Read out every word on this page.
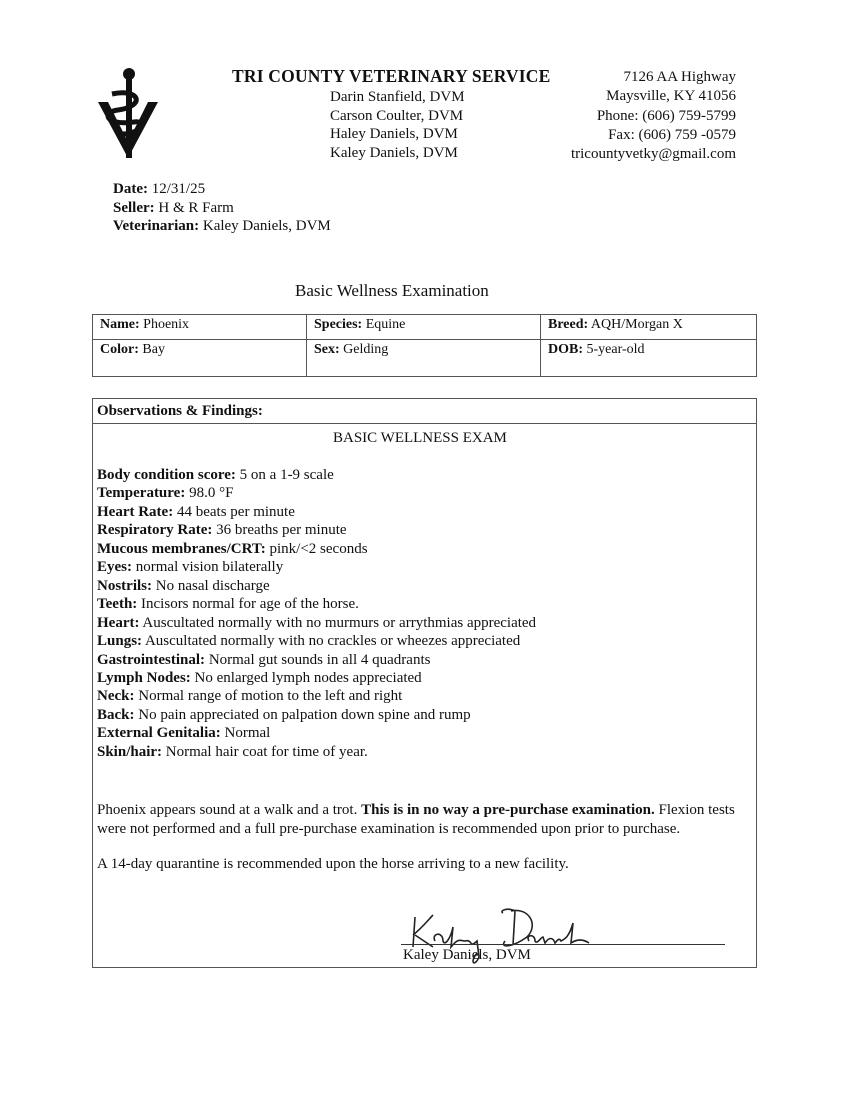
TRI COUNTY VETERINARY SERVICE
Darin Stanfield, DVM
Carson Coulter, DVM
Haley Daniels, DVM
Kaley Daniels, DVM
7126 AA Highway
Maysville, KY 41056
Phone: (606) 759-5799
Fax: (606) 759 -0579
tricountyvetky@gmail.com
Date: 12/31/25
Seller: H & R Farm
Veterinarian: Kaley Daniels, DVM
Basic Wellness Examination
Name: Phoenix	Species: Equine	Breed: AQH/Morgan X
Color: Bay	Sex: Gelding	DOB: 5-year-old
Observations & Findings:
BASIC WELLNESS EXAM
Body condition score: 5 on a 1-9 scale
Temperature: 98.0 °F
Heart Rate: 44 beats per minute
Respiratory Rate: 36 breaths per minute
Mucous membranes/CRT: pink/<2 seconds
Eyes: normal vision bilaterally
Nostrils: No nasal discharge
Teeth: Incisors normal for age of the horse.
Heart: Auscultated normally with no murmurs or arrythmias appreciated
Lungs: Auscultated normally with no crackles or wheezes appreciated
Gastrointestinal: Normal gut sounds in all 4 quadrants
Lymph Nodes: No enlarged lymph nodes appreciated
Neck: Normal range of motion to the left and right
Back: No pain appreciated on palpation down spine and rump
External Genitalia: Normal
Skin/hair: Normal hair coat for time of year.
Phoenix appears sound at a walk and a trot. This is in no way a pre-purchase examination. Flexion tests were not performed and a full pre-purchase examination is recommended upon prior to purchase.
A 14-day quarantine is recommended upon the horse arriving to a new facility.
Kaley Daniels, DVM
